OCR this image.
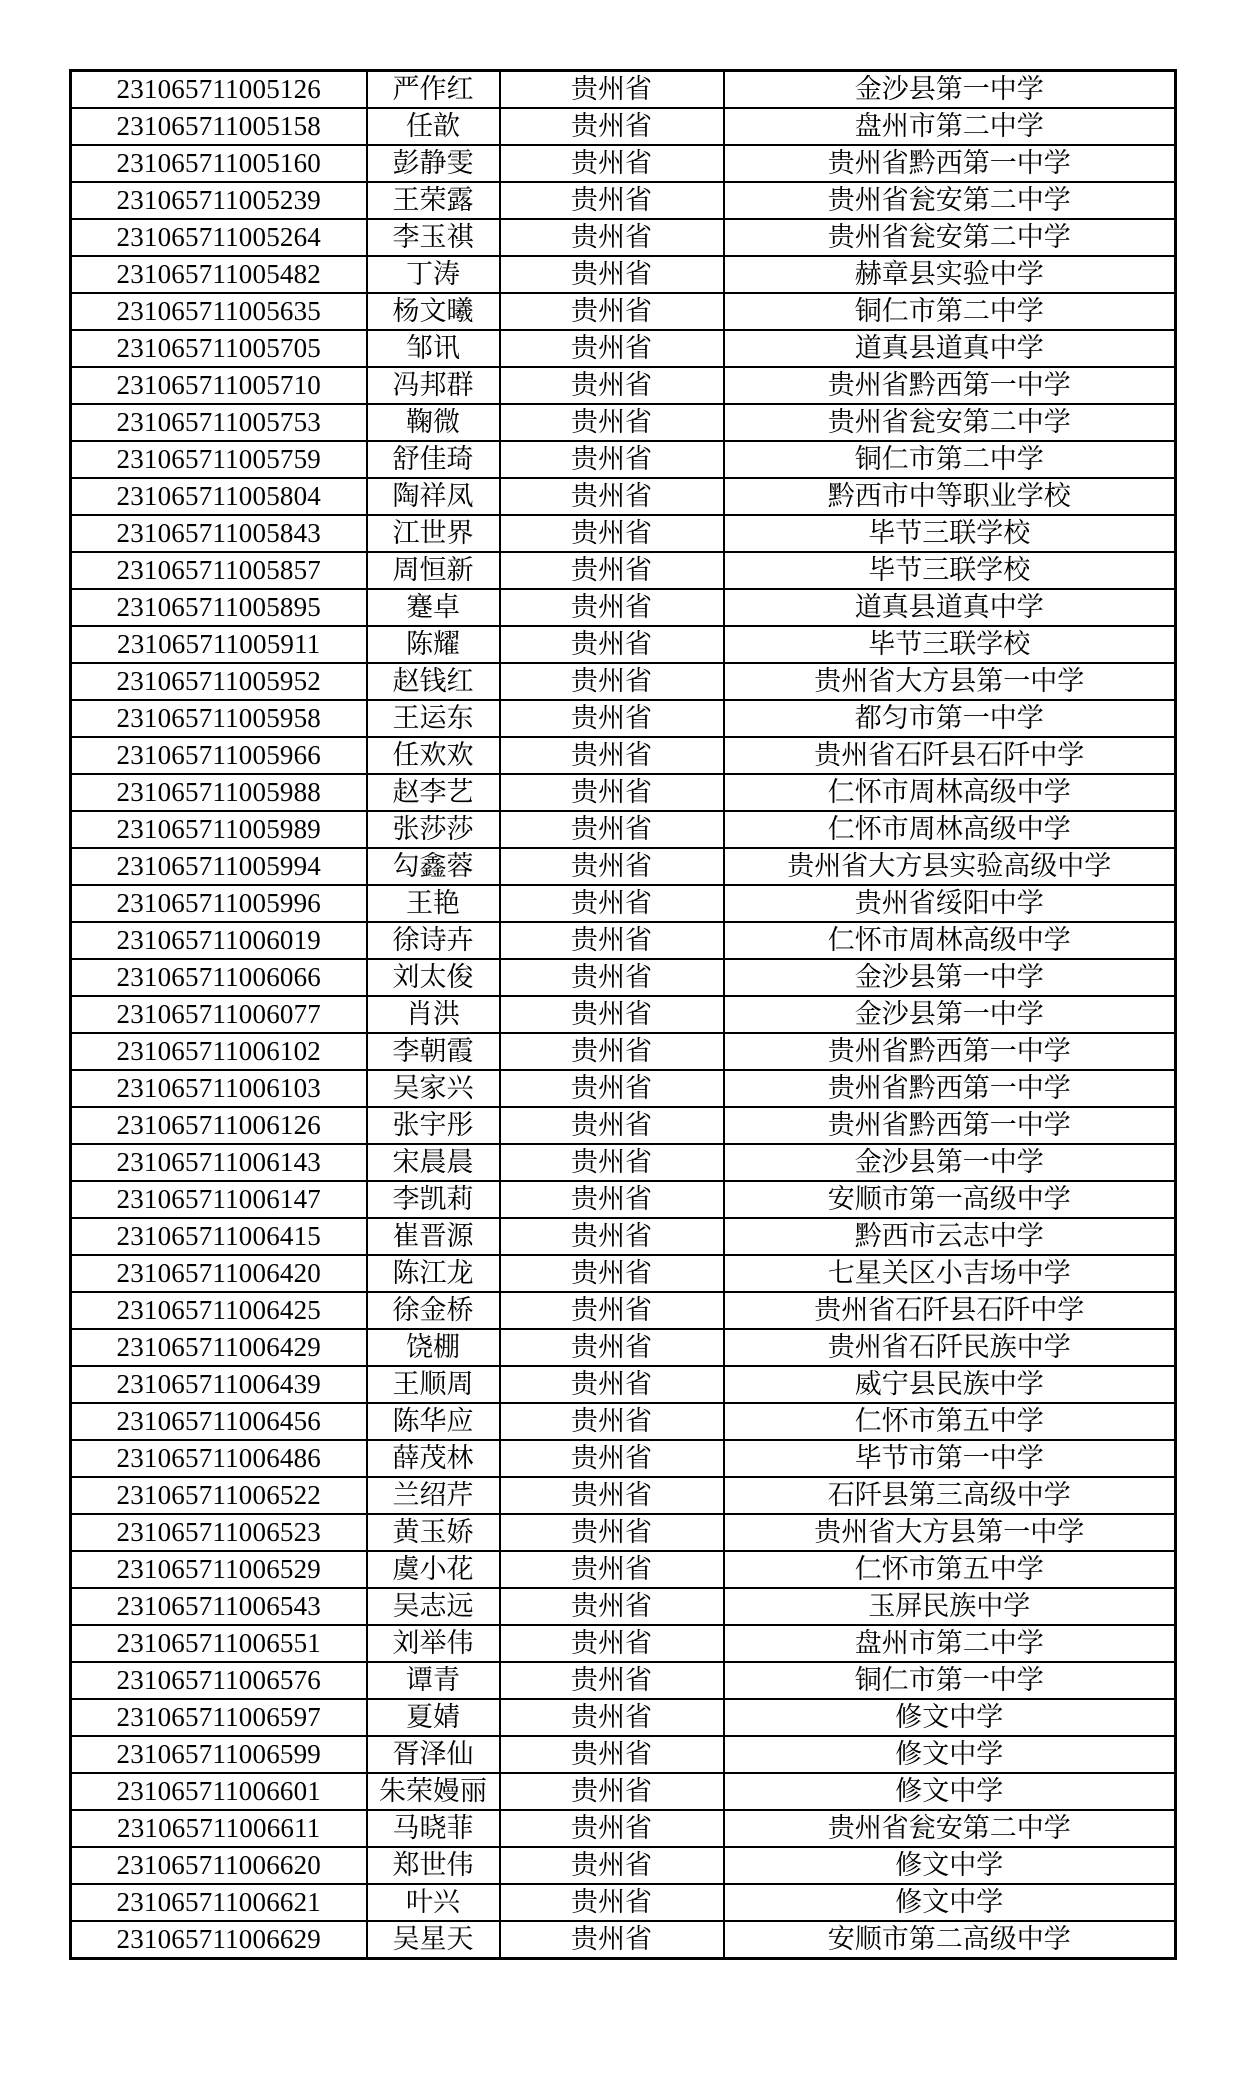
231065711005126	严作红	贵州省	金沙县第一中学
231065711005158	任歆	贵州省	盘州市第二中学
231065711005160	彭静雯	贵州省	贵州省黔西第一中学
231065711005239	王荣露	贵州省	贵州省瓮安第二中学
231065711005264	李玉祺	贵州省	贵州省瓮安第二中学
231065711005482	丁涛	贵州省	赫章县实验中学
231065711005635	杨文曦	贵州省	铜仁市第二中学
231065711005705	邹讯	贵州省	道真县道真中学
231065711005710	冯邦群	贵州省	贵州省黔西第一中学
231065711005753	鞠微	贵州省	贵州省瓮安第二中学
231065711005759	舒佳琦	贵州省	铜仁市第二中学
231065711005804	陶祥凤	贵州省	黔西市中等职业学校
231065711005843	江世界	贵州省	毕节三联学校
231065711005857	周恒新	贵州省	毕节三联学校
231065711005895	蹇卓	贵州省	道真县道真中学
231065711005911	陈耀	贵州省	毕节三联学校
231065711005952	赵钱红	贵州省	贵州省大方县第一中学
231065711005958	王运东	贵州省	都匀市第一中学
231065711005966	任欢欢	贵州省	贵州省石阡县石阡中学
231065711005988	赵李艺	贵州省	仁怀市周林高级中学
231065711005989	张莎莎	贵州省	仁怀市周林高级中学
231065711005994	勾鑫蓉	贵州省	贵州省大方县实验高级中学
231065711005996	王艳	贵州省	贵州省绥阳中学
231065711006019	徐诗卉	贵州省	仁怀市周林高级中学
231065711006066	刘太俊	贵州省	金沙县第一中学
231065711006077	肖洪	贵州省	金沙县第一中学
231065711006102	李朝霞	贵州省	贵州省黔西第一中学
231065711006103	吴家兴	贵州省	贵州省黔西第一中学
231065711006126	张宇彤	贵州省	贵州省黔西第一中学
231065711006143	宋晨晨	贵州省	金沙县第一中学
231065711006147	李凯莉	贵州省	安顺市第一高级中学
231065711006415	崔晋源	贵州省	黔西市云志中学
231065711006420	陈江龙	贵州省	七星关区小吉场中学
231065711006425	徐金桥	贵州省	贵州省石阡县石阡中学
231065711006429	饶棚	贵州省	贵州省石阡民族中学
231065711006439	王顺周	贵州省	威宁县民族中学
231065711006456	陈华应	贵州省	仁怀市第五中学
231065711006486	薛茂林	贵州省	毕节市第一中学
231065711006522	兰绍芹	贵州省	石阡县第三高级中学
231065711006523	黄玉娇	贵州省	贵州省大方县第一中学
231065711006529	虞小花	贵州省	仁怀市第五中学
231065711006543	吴志远	贵州省	玉屏民族中学
231065711006551	刘举伟	贵州省	盘州市第二中学
231065711006576	谭青	贵州省	铜仁市第一中学
231065711006597	夏婧	贵州省	修文中学
231065711006599	胥泽仙	贵州省	修文中学
231065711006601	朱荣嫚丽	贵州省	修文中学
231065711006611	马晓菲	贵州省	贵州省瓮安第二中学
231065711006620	郑世伟	贵州省	修文中学
231065711006621	叶兴	贵州省	修文中学
231065711006629	吴星天	贵州省	安顺市第二高级中学
